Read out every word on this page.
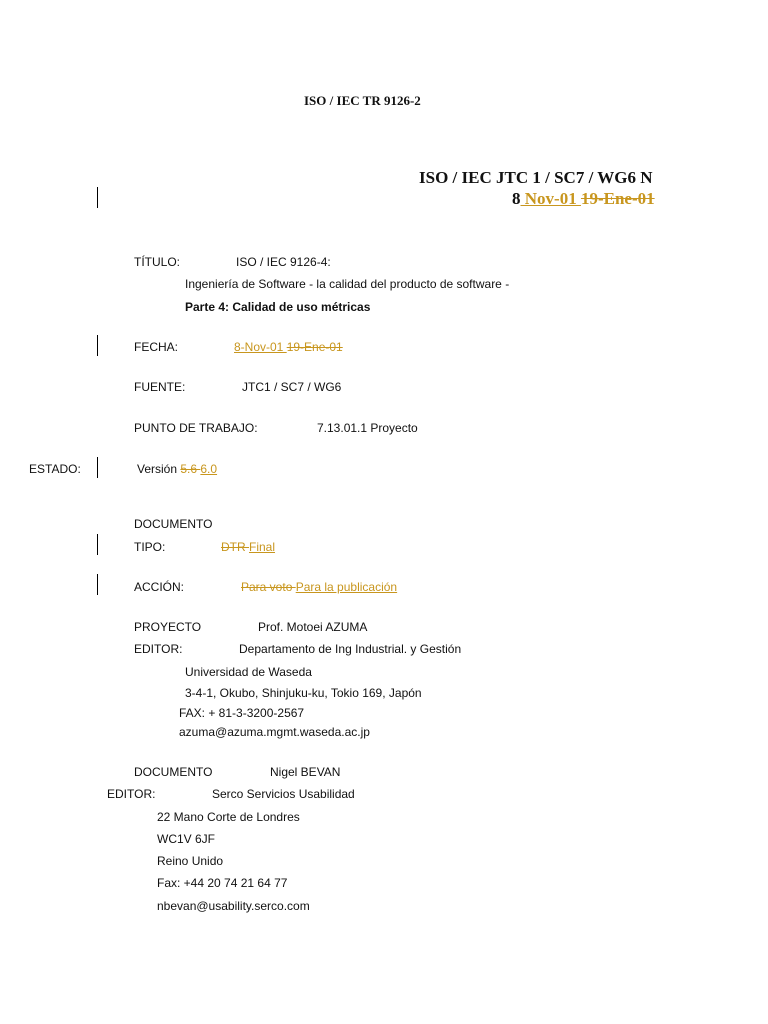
ISO / IEC TR 9126-2
ISO / IEC JTC 1 / SC7 / WG6 N
8 Nov-01 19-Ene-01
TÍTULO:	ISO / IEC 9126-4:
Ingeniería de Software - la calidad del producto de software -
Parte 4: Calidad de uso métricas
FECHA:	8-Nov-01 19-Ene-01
FUENTE:	JTC1 / SC7 / WG6
PUNTO DE TRABAJO:	7.13.01.1 Proyecto
ESTADO:	Versión 5.6 6.0
DOCUMENTO
TIPO:	DTR Final
ACCIÓN:	Para voto Para la publicación
PROYECTO	Prof. Motoei AZUMA
EDITOR:	Departamento de Ing Industrial. y Gestión
Universidad de Waseda
3-4-1, Okubo, Shinjuku-ku, Tokio 169, Japón
FAX: + 81-3-3200-2567
azuma@azuma.mgmt.waseda.ac.jp
DOCUMENTO	Nigel BEVAN
EDITOR:	Serco Servicios Usabilidad
22 Mano Corte de Londres
WC1V 6JF
Reino Unido
Fax: +44 20 74 21 64 77
nbevan@usability.serco.com
